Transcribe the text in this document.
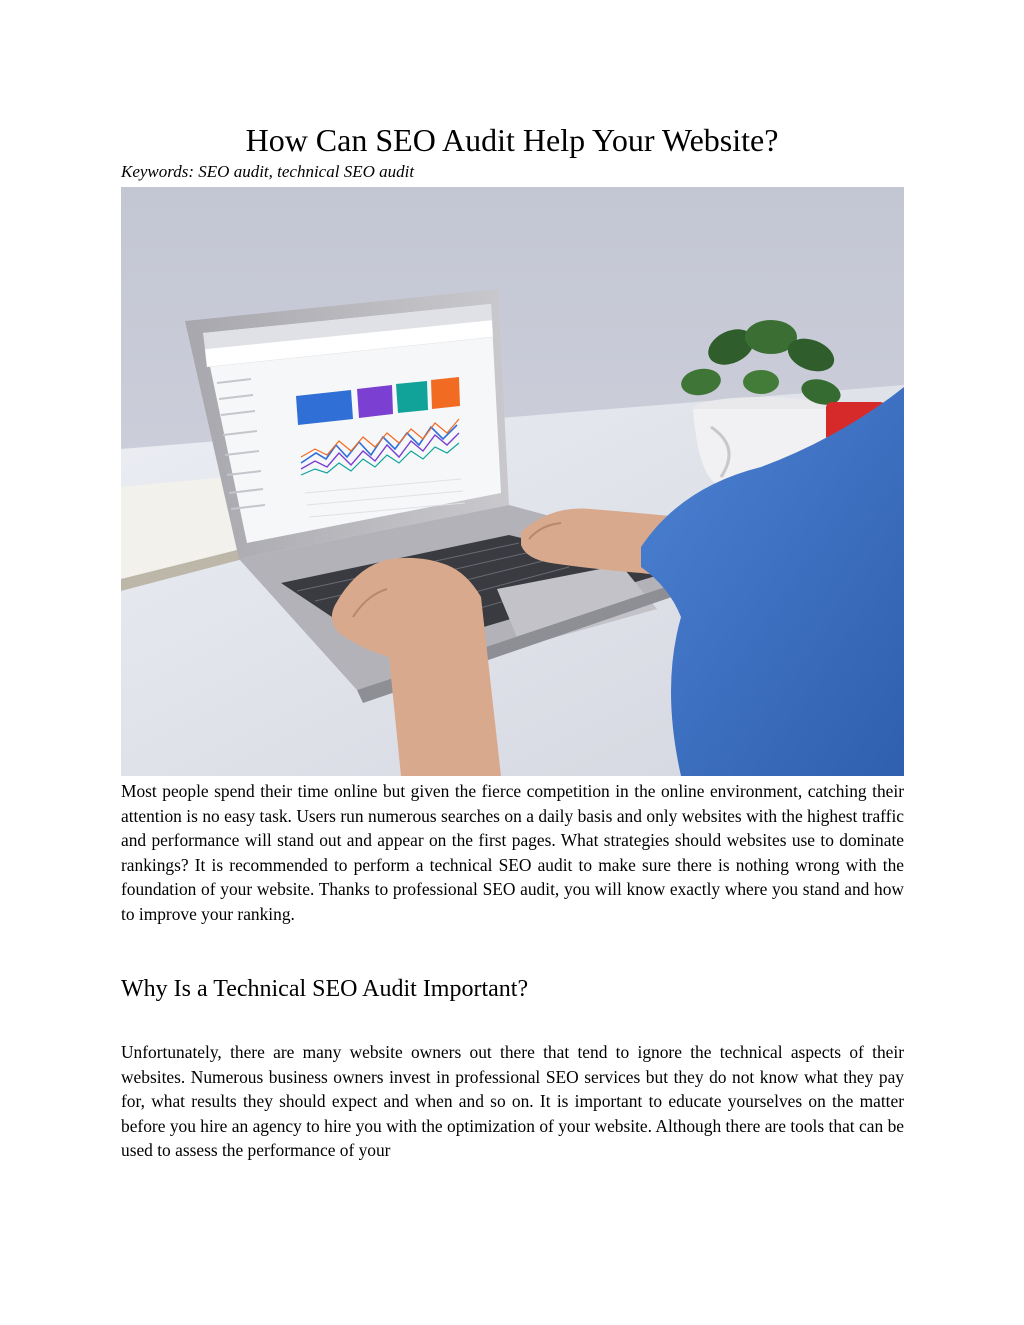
How Can SEO Audit Help Your Website?
Keywords: SEO audit, technical SEO audit

Most people spend their time online but given the fierce competition in the online environment, catching their attention is no easy task. Users run numerous searches on a daily basis and only websites with the highest traffic and performance will stand out and appear on the first pages. What strategies should websites use to dominate rankings? It is recommended to perform a technical SEO audit to make sure there is nothing wrong with the foundation of your website. Thanks to professional SEO audit, you will know exactly where you stand and how to improve your ranking.

Why Is a Technical SEO Audit Important?

Unfortunately, there are many website owners out there that tend to ignore the technical aspects of their websites. Numerous business owners invest in professional SEO services but they do not know what they pay for, what results they should expect and when and so on. It is important to educate yourselves on the matter before you hire an agency to hire you with the optimization of your website. Although there are tools that can be used to assess the performance of your
